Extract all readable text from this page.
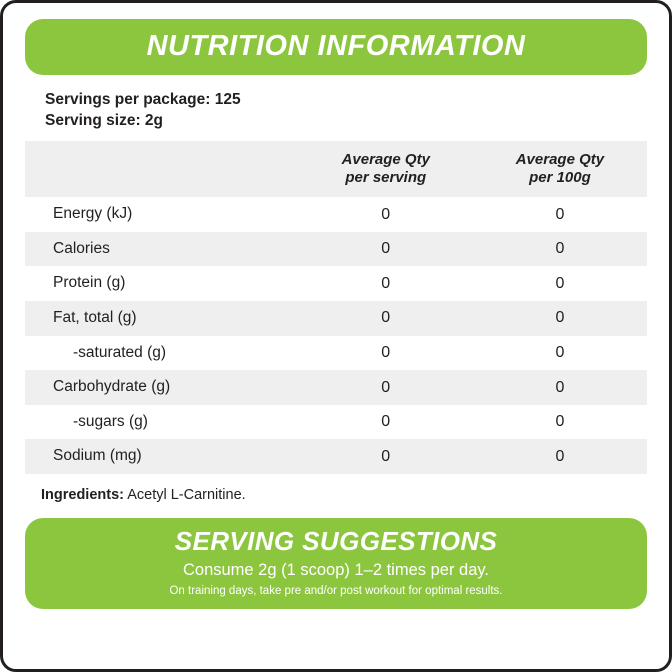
NUTRITION INFORMATION
Servings per package: 125
Serving size: 2g		

	Average Qty
per serving	Average Qty
per 100g

Energy (kJ)	0	0
Calories	0	0
Protein (g)	0	0
Fat, total (g)	0	0
-saturated (g)	0	0
Carbohydrate (g)	0	0
-sugars (g)	0	0
Sodium (mg)	0	0
Ingredients: Acetyl L-Carnitine.
SERVING SUGGESTIONS
Consume 2g (1 scoop) 1–2 times per day.
On training days, take pre and/or post workout for optimal results.
